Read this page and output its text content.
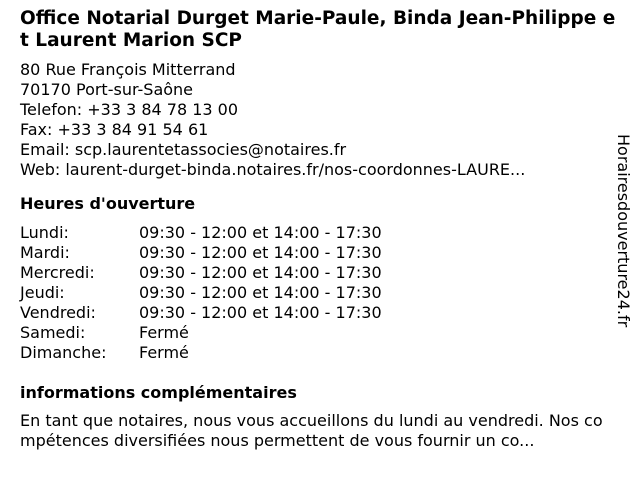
Office Notarial Durget Marie-Paule, Binda Jean-Philippe et Laurent Marion SCP
80 Rue François Mitterrand
70170 Port-sur-Saône
Telefon: +33 3 84 78 13 00
Fax: +33 3 84 91 54 61
Email: scp.laurentetassocies@notaires.fr
Web: laurent-durget-binda.notaires.fr/nos-coordonnes-LAURE...
Heures d'ouverture
Lundi:	09:30 - 12:00 et 14:00 - 17:30
Mardi:	09:30 - 12:00 et 14:00 - 17:30
Mercredi:	09:30 - 12:00 et 14:00 - 17:30
Jeudi:	09:30 - 12:00 et 14:00 - 17:30
Vendredi:	09:30 - 12:00 et 14:00 - 17:30
Samedi:	Fermé
Dimanche:	Fermé
informations complémentaires
En tant que notaires, nous vous accueillons du lundi au vendredi. Nos compétences diversifiées nous permettent de vous fournir un co...
Horairesdouverture24.fr
